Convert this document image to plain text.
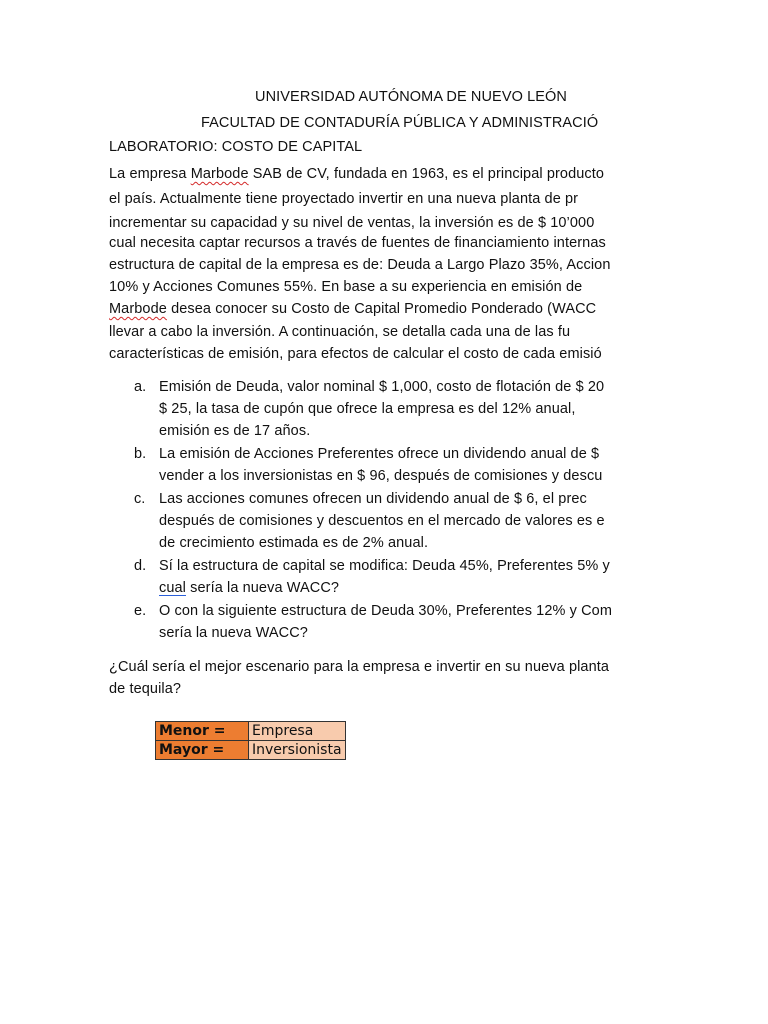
UNIVERSIDAD AUTÓNOMA DE NUEVO LEÓN
FACULTAD DE CONTADURÍA PÚBLICA Y ADMINISTRACIÓ
LABORATORIO: COSTO DE CAPITAL
La empresa Marbode SAB de CV, fundada en 1963, es el principal producto
el país. Actualmente tiene proyectado invertir en una nueva planta de pr
incrementar su capacidad y su nivel de ventas, la inversión es de $ 10’000
cual necesita captar recursos a través de fuentes de financiamiento internas
estructura de capital de la empresa es de: Deuda a Largo Plazo 35%, Accion
10% y Acciones Comunes 55%. En base a su experiencia en emisión de
Marbode desea conocer su Costo de Capital Promedio Ponderado (WACC
llevar a cabo la inversión. A continuación, se detalla cada una de las fu
características de emisión, para efectos de calcular el costo de cada emisió
a. Emisión de Deuda, valor nominal $ 1,000, costo de flotación de $ 20
$ 25, la tasa de cupón que ofrece la empresa es del 12% anual,
emisión es de 17 años.
b. La emisión de Acciones Preferentes ofrece un dividendo anual de $
vender a los inversionistas en $ 96, después de comisiones y descu
c. Las acciones comunes ofrecen un dividendo anual de $ 6, el prec
después de comisiones y descuentos en el mercado de valores es e
de crecimiento estimada es de 2% anual.
d. Sí la estructura de capital se modifica: Deuda 45%, Preferentes 5% y
cual sería la nueva WACC?
e. O con la siguiente estructura de Deuda 30%, Preferentes 12% y Com
sería la nueva WACC?
¿Cuál sería el mejor escenario para la empresa e invertir en su nueva planta
de tequila?
Menor =	Empresa
Mayor =	Inversionista
